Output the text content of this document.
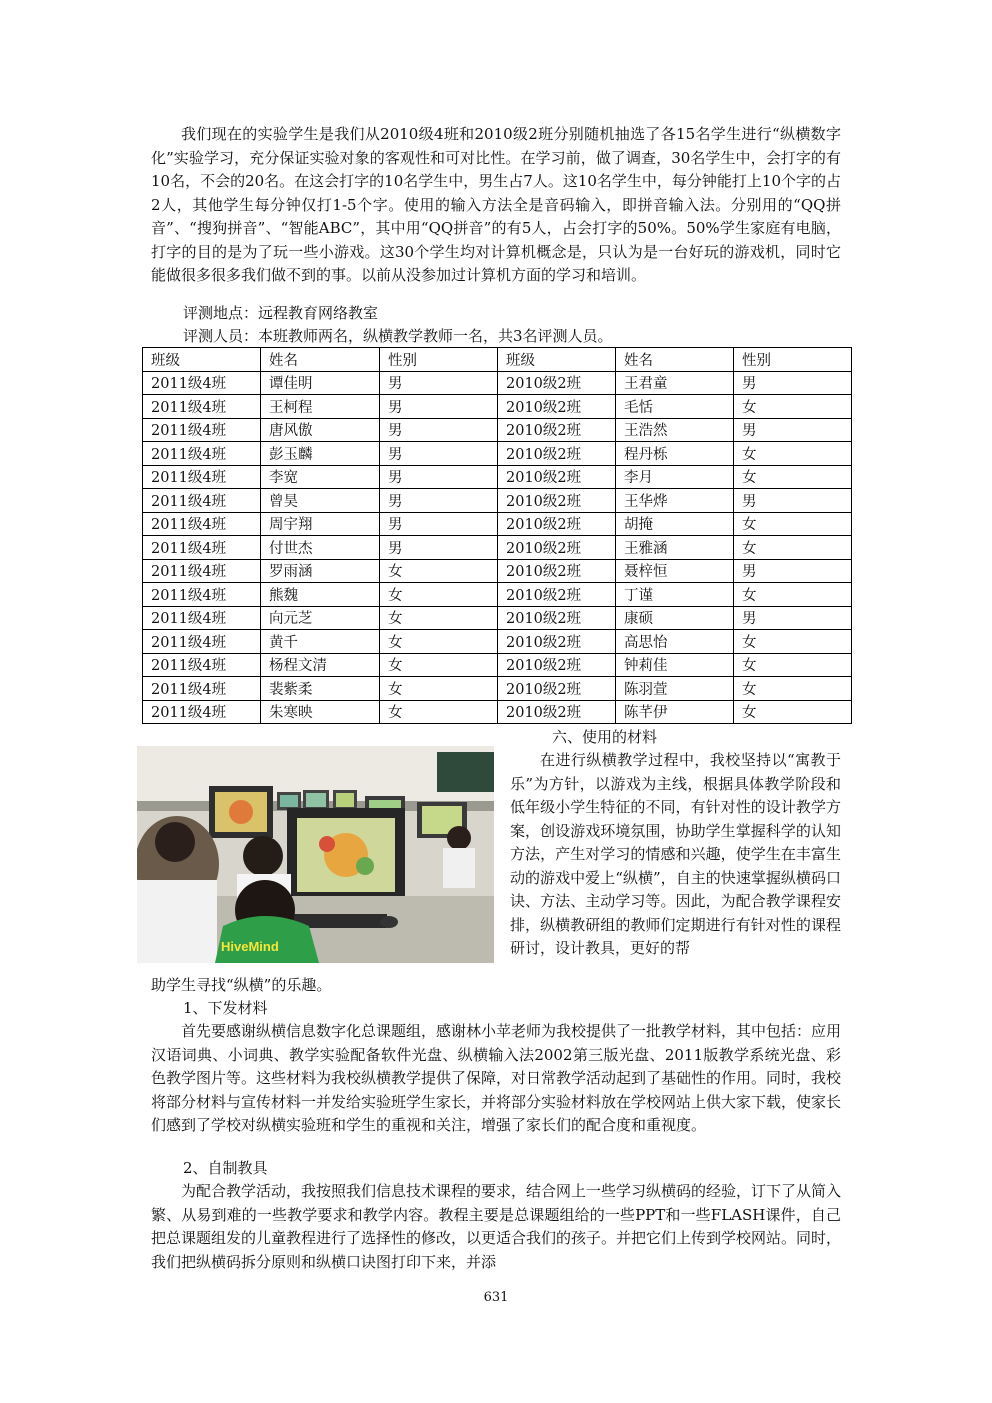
我们现在的实验学生是我们从2010级4班和2010级2班分别随机抽选了各15名学生进行“纵横数字化”实验学习，充分保证实验对象的客观性和可对比性。在学习前，做了调查，30名学生中，会打字的有10名，不会的20名。在这会打字的10名学生中，男生占7人。这10名学生中，每分钟能打上10个字的占2人，其他学生每分钟仅打1-5个字。使用的输入方法全是音码输入，即拼音输入法。分别用的“QQ拼音”、“搜狗拼音”、“智能ABC”，其中用“QQ拼音”的有5人，占会打字的50%。50%学生家庭有电脑，打字的目的是为了玩一些小游戏。这30个学生均对计算机概念是，只认为是一台好玩的游戏机，同时它能做很多很多我们做不到的事。以前从没参加过计算机方面的学习和培训。
评测地点：远程教育网络教室
评测人员：本班教师两名，纵横教学教师一名，共3名评测人员。
班级	姓名	性别	班级	姓名	性别
2011级4班	谭佳明	男	2010级2班	王君童	男
2011级4班	王柯程	男	2010级2班	毛恬	女
2011级4班	唐风傲	男	2010级2班	王浩然	男
2011级4班	彭玉麟	男	2010级2班	程丹栎	女
2011级4班	李宽	男	2010级2班	李月	女
2011级4班	曾昊	男	2010级2班	王华烨	男
2011级4班	周宇翔	男	2010级2班	胡掩	女
2011级4班	付世杰	男	2010级2班	王雅涵	女
2011级4班	罗雨涵	女	2010级2班	聂梓恒	男
2011级4班	熊魏	女	2010级2班	丁谨	女
2011级4班	向元芝	女	2010级2班	康硕	男
2011级4班	黄千	女	2010级2班	高思怡	女
2011级4班	杨程文清	女	2010级2班	钟莉佳	女
2011级4班	裴紫柔	女	2010级2班	陈羽萱	女
2011级4班	朱寒映	女	2010级2班	陈芊伊	女
HiveMind
六、使用的材料
在进行纵横教学过程中，我校坚持以“寓教于乐”为方针，以游戏为主线，根据具体教学阶段和低年级小学生特征的不同，有针对性的设计教学方案，创设游戏环境氛围，协助学生掌握科学的认知方法，产生对学习的情感和兴趣，使学生在丰富生动的游戏中爱上“纵横”，自主的快速掌握纵横码口诀、方法、主动学习等。因此，为配合教学课程安排，纵横教研组的教师们定期进行有针对性的课程研讨，设计教具，更好的帮
助学生寻找“纵横”的乐趣。
1、下发材料
首先要感谢纵横信息数字化总课题组，感谢林小苹老师为我校提供了一批教学材料，其中包括：应用汉语词典、小词典、教学实验配备软件光盘、纵横输入法2002第三版光盘、2011版教学系统光盘、彩色教学图片等。这些材料为我校纵横教学提供了保障，对日常教学活动起到了基础性的作用。同时，我校将部分材料与宣传材料一并发给实验班学生家长，并将部分实验材料放在学校网站上供大家下载，使家长们感到了学校对纵横实验班和学生的重视和关注，增强了家长们的配合度和重视度。
2、自制教具
为配合教学活动，我按照我们信息技术课程的要求，结合网上一些学习纵横码的经验，订下了从简入繁、从易到难的一些教学要求和教学内容。教程主要是总课题组给的一些PPT和一些FLASH课件，自己把总课题组发的儿童教程进行了选择性的修改，以更适合我们的孩子。并把它们上传到学校网站。同时，我们把纵横码拆分原则和纵横口诀图打印下来，并添
631
